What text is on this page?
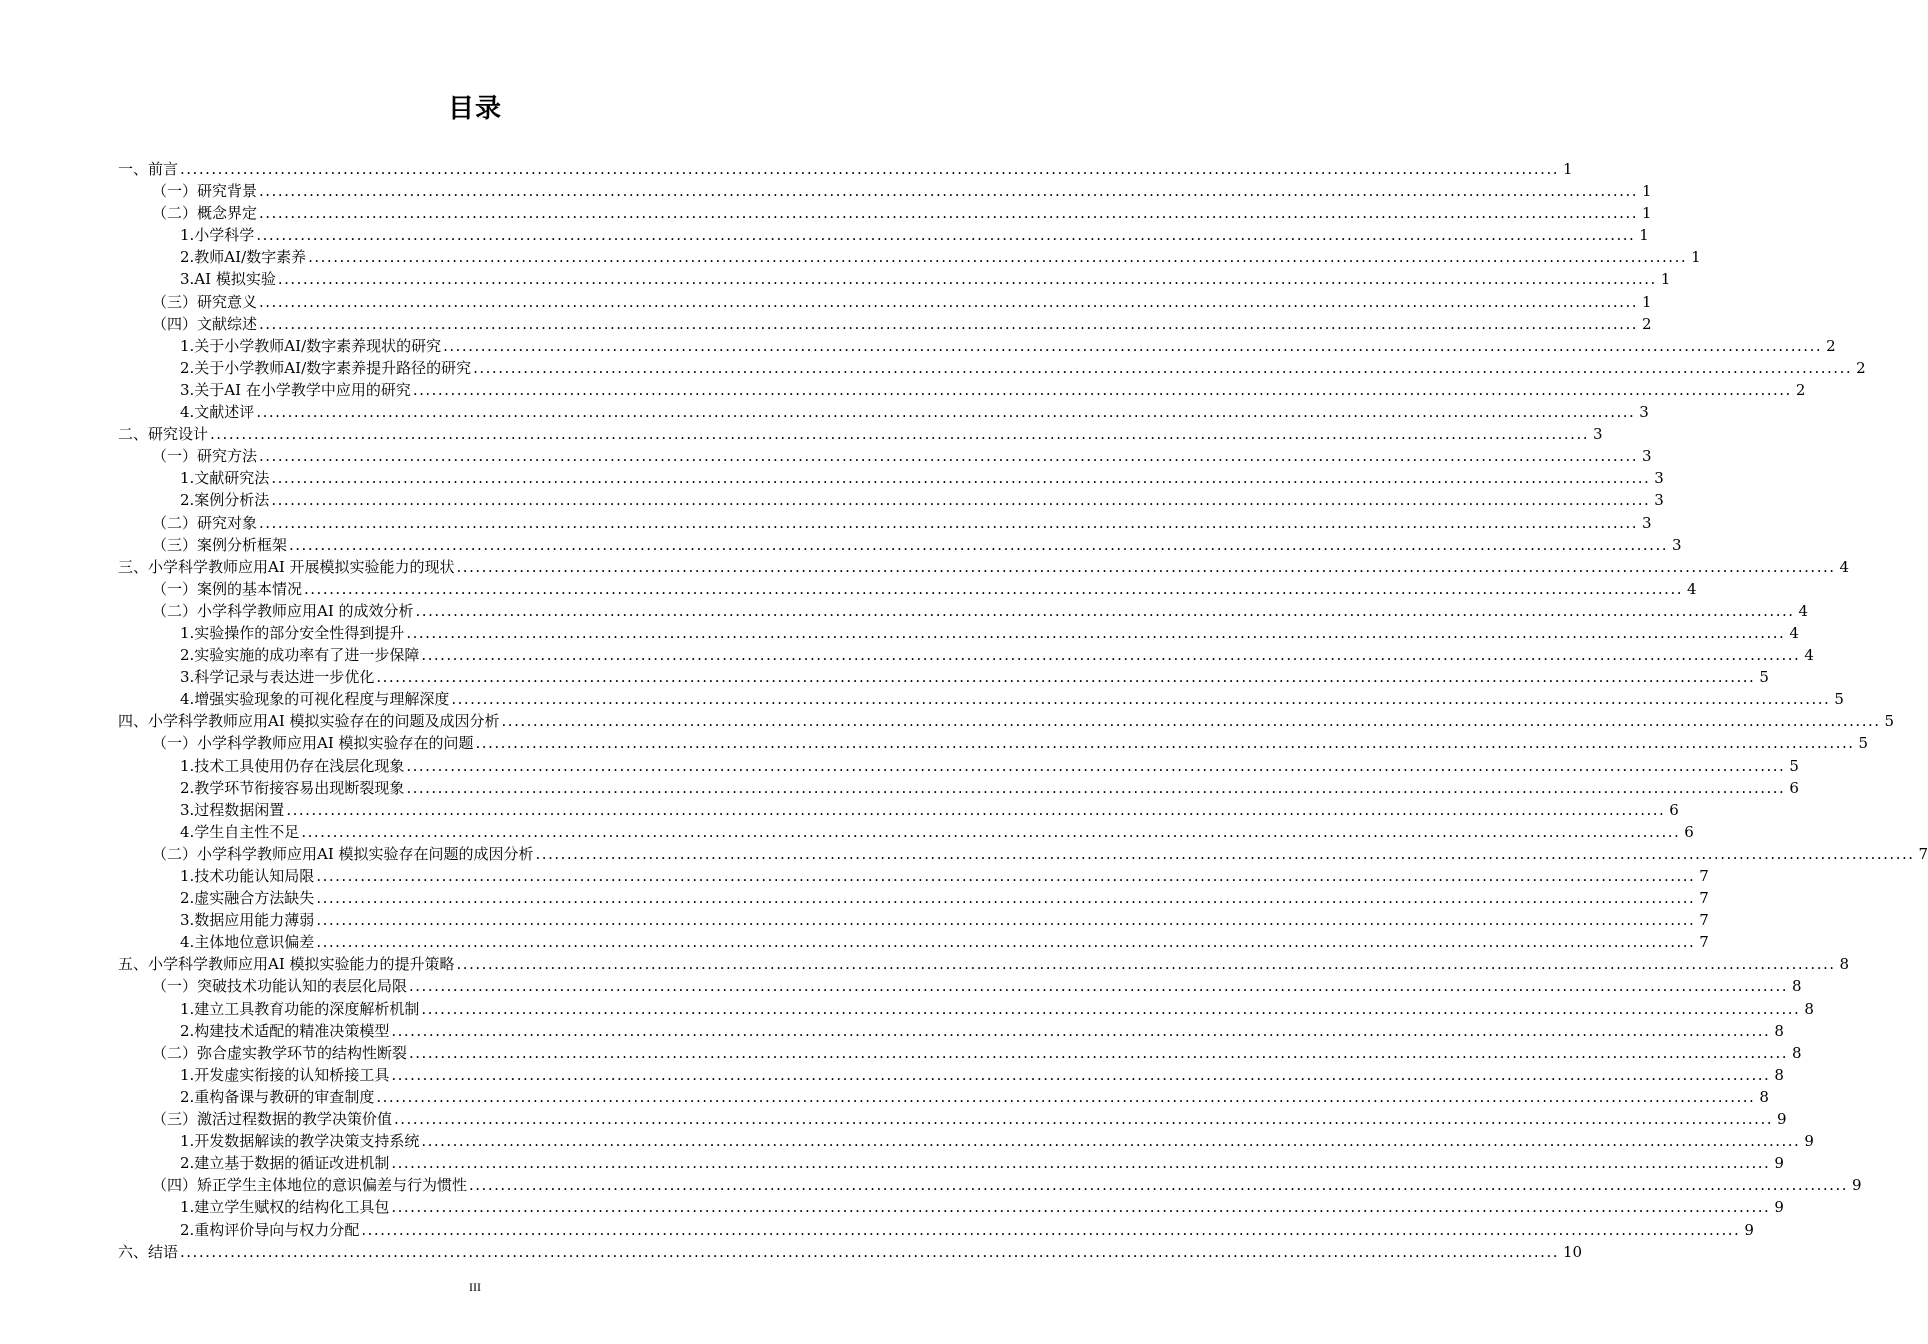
目录
一、前言 ............................................................................................................................................................................................................................ 1
（一）研究背景 ............................................................................................................................................................................................................................ 1
（二）概念界定 ............................................................................................................................................................................................................................ 1
1.小学科学 ............................................................................................................................................................................................................................ 1
2.教师AI/数字素养 ............................................................................................................................................................................................................................ 1
3.AI 模拟实验 ............................................................................................................................................................................................................................ 1
（三）研究意义 ............................................................................................................................................................................................................................ 1
（四）文献综述 ............................................................................................................................................................................................................................ 2
1.关于小学教师AI/数字素养现状的研究 ............................................................................................................................................................................................................................ 2
2.关于小学教师AI/数字素养提升路径的研究 ............................................................................................................................................................................................................................ 2
3.关于AI 在小学教学中应用的研究 ............................................................................................................................................................................................................................ 2
4.文献述评 ............................................................................................................................................................................................................................ 3
二、研究设计 ............................................................................................................................................................................................................................ 3
（一）研究方法 ............................................................................................................................................................................................................................ 3
1.文献研究法 ............................................................................................................................................................................................................................ 3
2.案例分析法 ............................................................................................................................................................................................................................ 3
（二）研究对象 ............................................................................................................................................................................................................................ 3
（三）案例分析框架 ............................................................................................................................................................................................................................ 3
三、小学科学教师应用AI 开展模拟实验能力的现状 ............................................................................................................................................................................................................................ 4
（一）案例的基本情况 ............................................................................................................................................................................................................................ 4
（二）小学科学教师应用AI 的成效分析 ............................................................................................................................................................................................................................ 4
1.实验操作的部分安全性得到提升 ............................................................................................................................................................................................................................ 4
2.实验实施的成功率有了进一步保障 ............................................................................................................................................................................................................................ 4
3.科学记录与表达进一步优化 ............................................................................................................................................................................................................................ 5
4.增强实验现象的可视化程度与理解深度 ............................................................................................................................................................................................................................ 5
四、小学科学教师应用AI 模拟实验存在的问题及成因分析 ............................................................................................................................................................................................................................ 5
（一）小学科学教师应用AI 模拟实验存在的问题 ............................................................................................................................................................................................................................ 5
1.技术工具使用仍存在浅层化现象 ............................................................................................................................................................................................................................ 5
2.教学环节衔接容易出现断裂现象 ............................................................................................................................................................................................................................ 6
3.过程数据闲置 ............................................................................................................................................................................................................................ 6
4.学生自主性不足 ............................................................................................................................................................................................................................ 6
（二）小学科学教师应用AI 模拟实验存在问题的成因分析 ............................................................................................................................................................................................................................ 7
1.技术功能认知局限 ............................................................................................................................................................................................................................ 7
2.虚实融合方法缺失 ............................................................................................................................................................................................................................ 7
3.数据应用能力薄弱 ............................................................................................................................................................................................................................ 7
4.主体地位意识偏差 ............................................................................................................................................................................................................................ 7
五、小学科学教师应用AI 模拟实验能力的提升策略 ............................................................................................................................................................................................................................ 8
（一）突破技术功能认知的表层化局限 ............................................................................................................................................................................................................................ 8
1.建立工具教育功能的深度解析机制 ............................................................................................................................................................................................................................ 8
2.构建技术适配的精准决策模型 ............................................................................................................................................................................................................................ 8
（二）弥合虚实教学环节的结构性断裂 ............................................................................................................................................................................................................................ 8
1.开发虚实衔接的认知桥接工具 ............................................................................................................................................................................................................................ 8
2.重构备课与教研的审查制度 ............................................................................................................................................................................................................................ 8
（三）激活过程数据的教学决策价值 ............................................................................................................................................................................................................................ 9
1.开发数据解读的教学决策支持系统 ............................................................................................................................................................................................................................ 9
2.建立基于数据的循证改进机制 ............................................................................................................................................................................................................................ 9
（四）矫正学生主体地位的意识偏差与行为惯性 ............................................................................................................................................................................................................................ 9
1.建立学生赋权的结构化工具包 ............................................................................................................................................................................................................................ 9
2.重构评价导向与权力分配 ............................................................................................................................................................................................................................ 9
六、结语 ............................................................................................................................................................................................................................ 10
III
